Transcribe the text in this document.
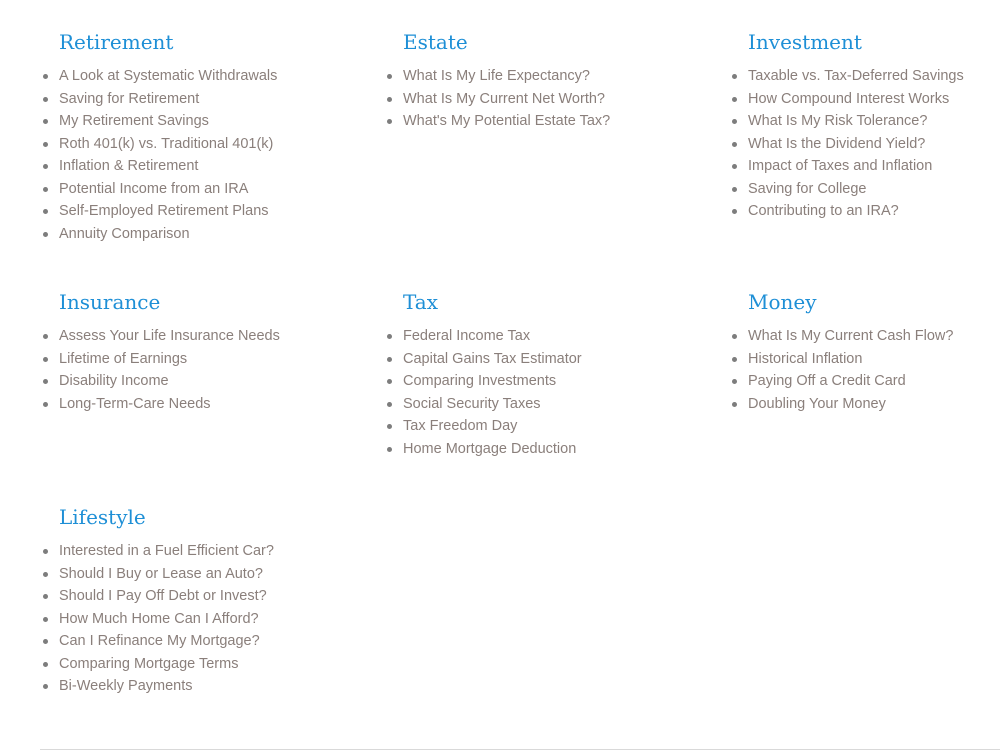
Retirement
A Look at Systematic Withdrawals
Saving for Retirement
My Retirement Savings
Roth 401(k) vs. Traditional 401(k)
Inflation & Retirement
Potential Income from an IRA
Self-Employed Retirement Plans
Annuity Comparison
Estate
What Is My Life Expectancy?
What Is My Current Net Worth?
What's My Potential Estate Tax?
Investment
Taxable vs. Tax-Deferred Savings
How Compound Interest Works
What Is My Risk Tolerance?
What Is the Dividend Yield?
Impact of Taxes and Inflation
Saving for College
Contributing to an IRA?
Insurance
Assess Your Life Insurance Needs
Lifetime of Earnings
Disability Income
Long-Term-Care Needs
Tax
Federal Income Tax
Capital Gains Tax Estimator
Comparing Investments
Social Security Taxes
Tax Freedom Day
Home Mortgage Deduction
Money
What Is My Current Cash Flow?
Historical Inflation
Paying Off a Credit Card
Doubling Your Money
Lifestyle
Interested in a Fuel Efficient Car?
Should I Buy or Lease an Auto?
Should I Pay Off Debt or Invest?
How Much Home Can I Afford?
Can I Refinance My Mortgage?
Comparing Mortgage Terms
Bi-Weekly Payments
